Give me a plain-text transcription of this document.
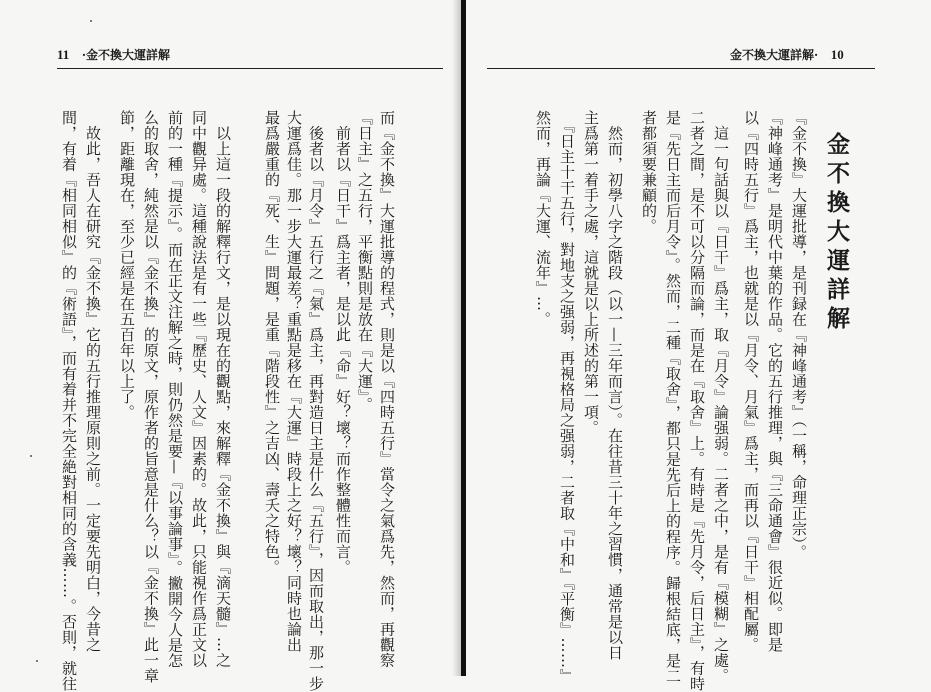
11 ·金不換大運詳解
而『金不換』大運批導的程式，則是以『四時五行』當令之氣爲先，然而，再觀察
『日主』之五行，平衡點則是放在『大運』。
　前者以『日干』爲主者，是以此『命』好？壞？而作整體性而言。
　後者以『月令』五行之『氣』爲主，再對造日主是什么『五行』，因而取出，那一步
大運爲佳。那一步大運最差？重點是移在『大運』時段上之好？壞？同時也論出
最爲嚴重的『死、生』問題，是重『階段性』之吉凶、壽夭之特色。
　以上這一段的解釋行文，是以現在的觀點，來解釋『金不換』與『滴天髓』…之
同中觀异處。這種說法是有一些『歷史、人文』因素的。故此，只能視作爲正文以
前的一種『提示』。而在正文注解之時，則仍然是要—『以事論事』。撇開今人是怎
么的取舍，純然是以『金不換』的原文，原作者的旨意是什么？以『金不換』此一章
節，距離現在，至少已經是在五百年以上了。
　故此，吾人在研究『金不換』它的五行推理原則之前。一定要先明白，今昔之
間，有着『相同相似』的『術語』，而有着并不完全絶對相同的含義……。否則，就往
金不換大運詳解· 10
金不換大運詳解
『金不換』大運批導，是刊録在『神峰通考』（一稱，命理正宗）。
『神峰通考』是明代中葉的作品。它的五行推理，與『三命通會』很近似。即是
以『四時五行』爲主，也就是以『月令、月氣』爲主，而再以『日干』相配屬。
　這一句話與以『日干』爲主，取『月令』論强弱。二者之中，是有『模糊』之處。
二者之間，是不可以分隔而論，而是在『取舍』上。有時是『先月令，后日主』，有時
是『先日主而后月令』。然而，二種『取舍』，都只是先后上的程序。歸根結底，是二
者都須要兼顧的。
　然而，初學八字之階段（以一—三年而言）。在往昔三十年之習慣，通常是以日
主爲第一着手之處，這就是以上所述的第一項。
　『日主十干五行，對地支之强弱，再視格局之强弱，二者取『中和』『平衡』……』
然而，再論『大運、流年』…。
